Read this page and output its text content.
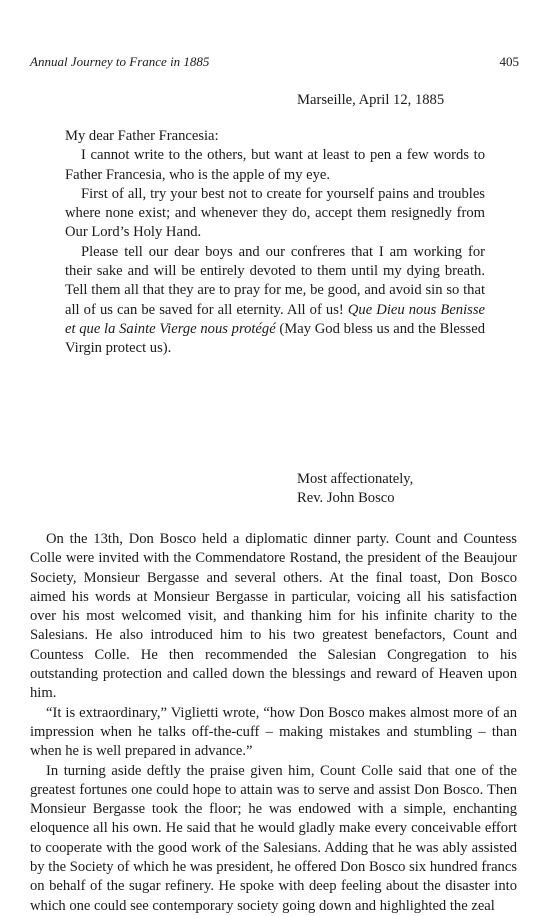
Annual Journey to France in 1885	405
Marseille, April 12, 1885

My dear Father Francesia:

I cannot write to the others, but want at least to pen a few words to Father Francesia, who is the apple of my eye.

First of all, try your best not to create for yourself pains and troubles where none exist; and whenever they do, accept them resignedly from Our Lord’s Holy Hand.

Please tell our dear boys and our confreres that I am working for their sake and will be entirely devoted to them until my dying breath. Tell them all that they are to pray for me, be good, and avoid sin so that all of us can be saved for all eternity. All of us! Que Dieu nous Benisse et que la Sainte Vierge nous protégé (May God bless us and the Blessed Virgin protect us).

Most affectionately,
Rev. John Bosco

On the 13th, Don Bosco held a diplomatic dinner party. Count and Countess Colle were invited with the Commendatore Rostand, the president of the Beaujour Society, Monsieur Bergasse and several others. At the final toast, Don Bosco aimed his words at Monsieur Bergasse in particular, voicing all his satisfaction over his most welcomed visit, and thanking him for his infinite charity to the Salesians. He also introduced him to his two greatest benefactors, Count and Countess Colle. He then recommended the Salesian Congregation to his outstanding protection and called down the blessings and reward of Heaven upon him.

“It is extraordinary,” Viglietti wrote, “how Don Bosco makes almost more of an impression when he talks off-the-cuff – making mistakes and stumbling – than when he is well prepared in advance.”

In turning aside deftly the praise given him, Count Colle said that one of the greatest fortunes one could hope to attain was to serve and assist Don Bosco. Then Monsieur Bergasse took the floor; he was endowed with a simple, enchanting eloquence all his own. He said that he would gladly make every conceivable effort to cooperate with the good work of the Salesians. Adding that he was ably assisted by the Society of which he was president, he offered Don Bosco six hundred francs on behalf of the sugar refinery. He spoke with deep feeling about the disaster into which one could see contemporary society going down and highlighted the zeal
